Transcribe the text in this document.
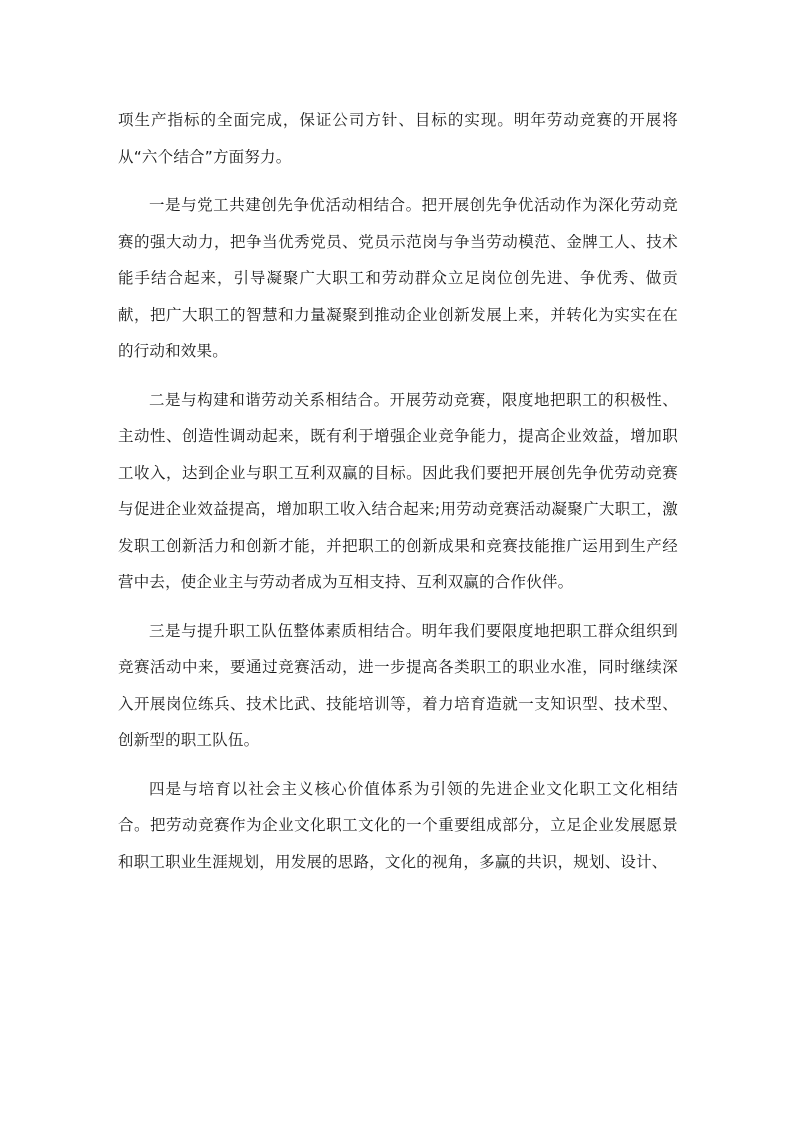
项生产指标的全面完成，保证公司方针、目标的实现。明年劳动竞赛的开展将从“六个结合”方面努力。

一是与党工共建创先争优活动相结合。把开展创先争优活动作为深化劳动竞赛的强大动力，把争当优秀党员、党员示范岗与争当劳动模范、金牌工人、技术能手结合起来，引导凝聚广大职工和劳动群众立足岗位创先进、争优秀、做贡献，把广大职工的智慧和力量凝聚到推动企业创新发展上来，并转化为实实在在的行动和效果。

二是与构建和谐劳动关系相结合。开展劳动竞赛，限度地把职工的积极性、主动性、创造性调动起来，既有利于增强企业竞争能力，提高企业效益，增加职工收入，达到企业与职工互利双赢的目标。因此我们要把开展创先争优劳动竞赛与促进企业效益提高，增加职工收入结合起来;用劳动竞赛活动凝聚广大职工，激发职工创新活力和创新才能，并把职工的创新成果和竞赛技能推广运用到生产经营中去，使企业主与劳动者成为互相支持、互利双赢的合作伙伴。

三是与提升职工队伍整体素质相结合。明年我们要限度地把职工群众组织到竞赛活动中来，要通过竞赛活动，进一步提高各类职工的职业水准，同时继续深入开展岗位练兵、技术比武、技能培训等，着力培育造就一支知识型、技术型、创新型的职工队伍。

四是与培育以社会主义核心价值体系为引领的先进企业文化职工文化相结合。把劳动竞赛作为企业文化职工文化的一个重要组成部分，立足企业发展愿景和职工职业生涯规划，用发展的思路，文化的视角，多赢的共识，规划、设计、
